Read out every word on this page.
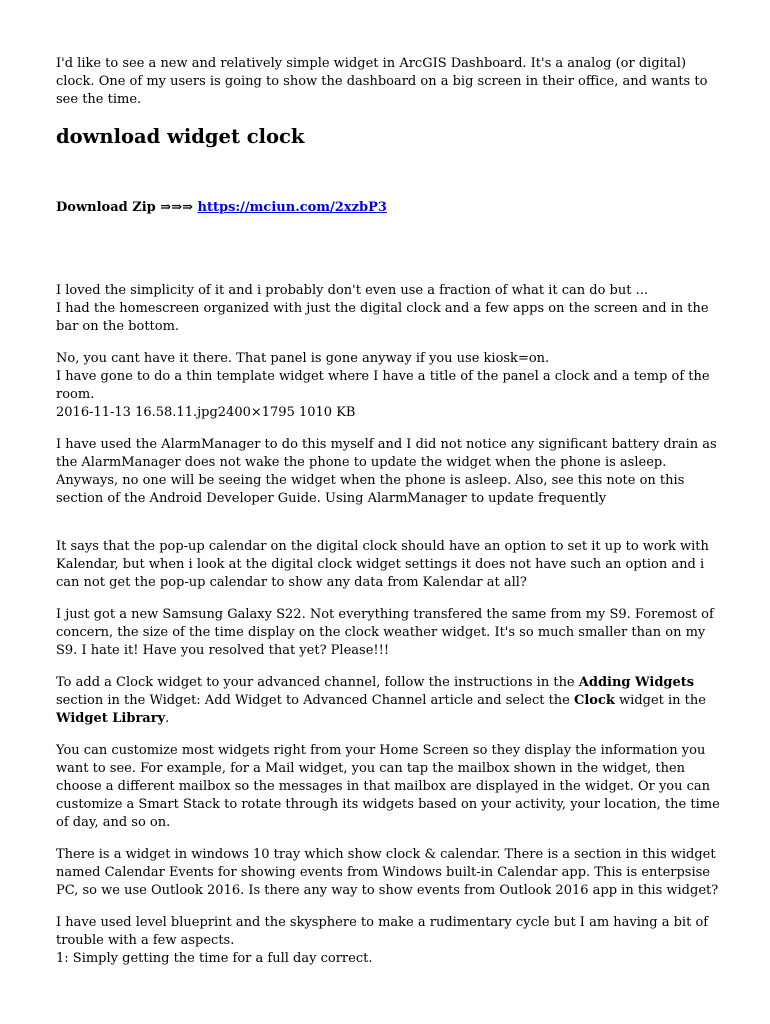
I'd like to see a new and relatively simple widget in ArcGIS Dashboard. It's a analog (or digital)
clock. One of my users is going to show the dashboard on a big screen in their office, and wants to
see the time.

download widget clock
Download Zip ⇒⇒⇒ https://mciun.com/2xzbP3

I loved the simplicity of it and i probably don't even use a fraction of what it can do but ...
I had the homescreen organized with just the digital clock and a few apps on the screen and in the
bar on the bottom.

No, you cant have it there. That panel is gone anyway if you use kiosk=on.
I have gone to do a thin template widget where I have a title of the panel a clock and a temp of the
room.
2016-11-13 16.58.11.jpg2400×1795 1010 KB

I have used the AlarmManager to do this myself and I did not notice any significant battery drain as
the AlarmManager does not wake the phone to update the widget when the phone is asleep.
Anyways, no one will be seeing the widget when the phone is asleep. Also, see this note on this
section of the Android Developer Guide. Using AlarmManager to update frequently

It says that the pop-up calendar on the digital clock should have an option to set it up to work with
Kalendar, but when i look at the digital clock widget settings it does not have such an option and i
can not get the pop-up calendar to show any data from Kalendar at all?

I just got a new Samsung Galaxy S22. Not everything transfered the same from my S9. Foremost of
concern, the size of the time display on the clock weather widget. It's so much smaller than on my
S9. I hate it! Have you resolved that yet? Please!!!

To add a Clock widget to your advanced channel, follow the instructions in the Adding Widgets
section in the Widget: Add Widget to Advanced Channel article and select the Clock widget in the
Widget Library.

You can customize most widgets right from your Home Screen so they display the information you
want to see. For example, for a Mail widget, you can tap the mailbox shown in the widget, then
choose a different mailbox so the messages in that mailbox are displayed in the widget. Or you can
customize a Smart Stack to rotate through its widgets based on your activity, your location, the time
of day, and so on.

There is a widget in windows 10 tray which show clock & calendar. There is a section in this widget
named Calendar Events for showing events from Windows built-in Calendar app. This is enterpsise
PC, so we use Outlook 2016. Is there any way to show events from Outlook 2016 app in this widget?

I have used level blueprint and the skysphere to make a rudimentary cycle but I am having a bit of
trouble with a few aspects.
1: Simply getting the time for a full day correct.
